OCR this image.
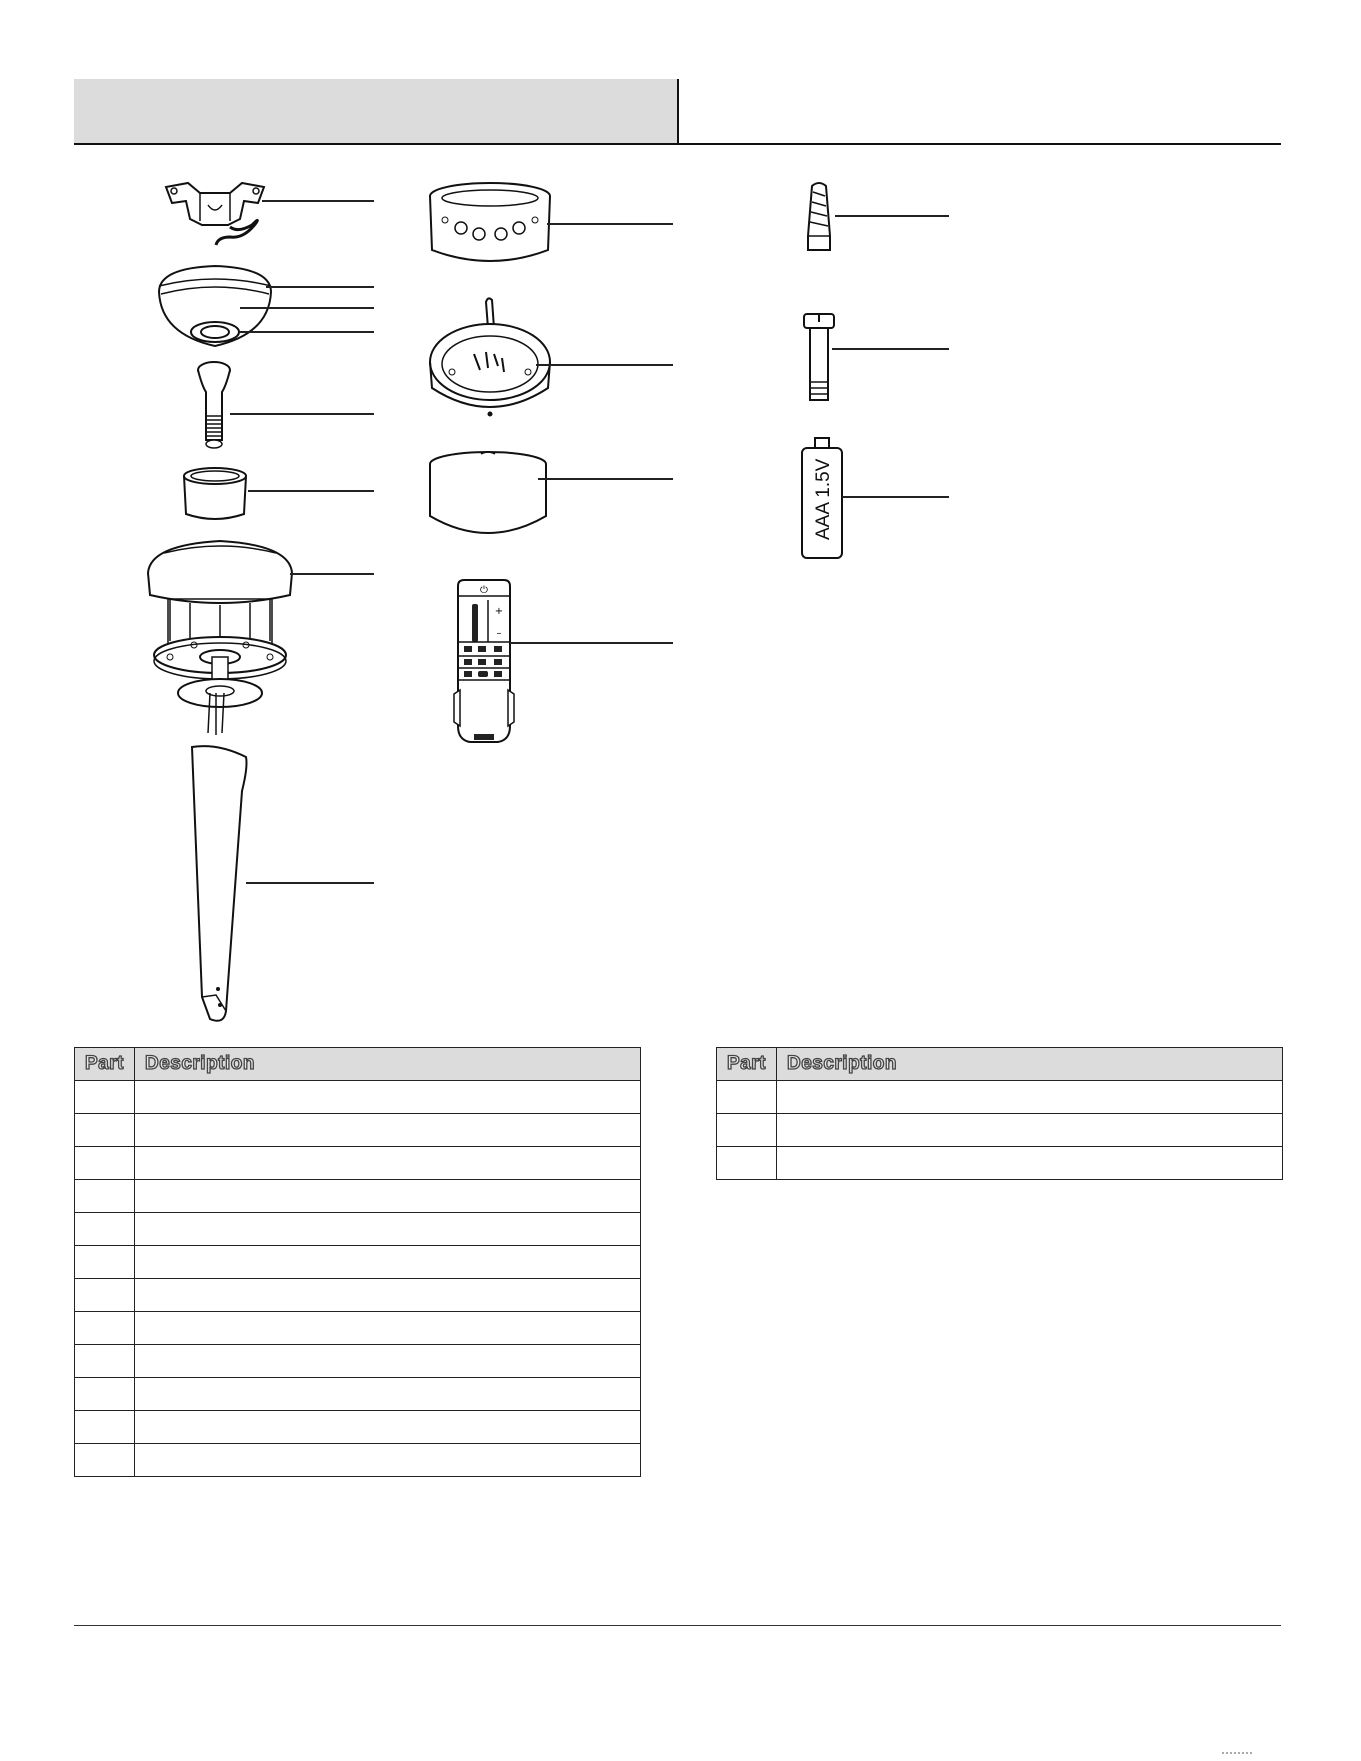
⏻
+
–
AAA 1.5V
Part	Description

		Part	Description
